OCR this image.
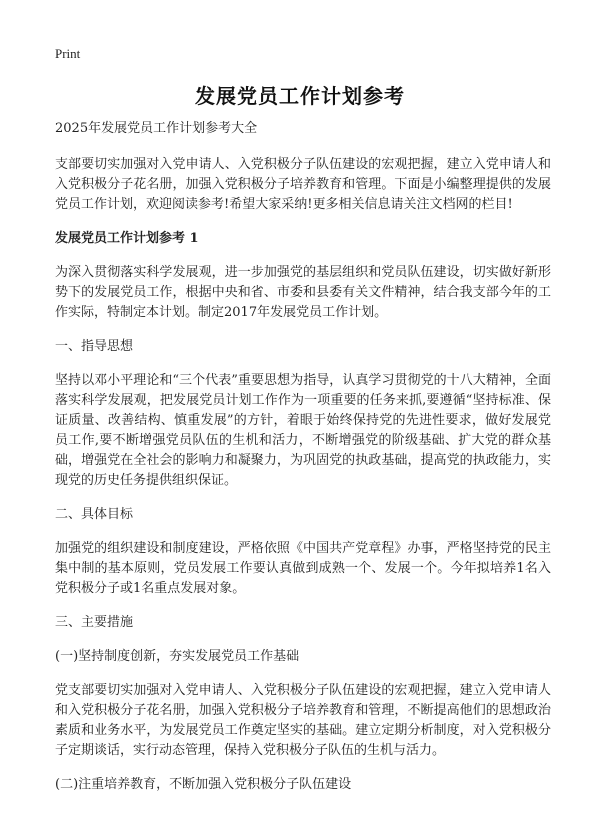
Print
发展党员工作计划参考

2025年发展党员工作计划参考大全

支部要切实加强对入党申请人、入党积极分子队伍建设的宏观把握，建立入党申请人和入党积极分子花名册，加强入党积极分子培养教育和管理。下面是小编整理提供的发展党员工作计划，欢迎阅读参考!希望大家采纳!更多相关信息请关注文档网的栏目!

发展党员工作计划参考 1

为深入贯彻落实科学发展观，进一步加强党的基层组织和党员队伍建设，切实做好新形势下的发展党员工作，根据中央和省、市委和县委有关文件精神，结合我支部今年的工作实际，特制定本计划。制定2017年发展党员工作计划。

一、指导思想

坚持以邓小平理论和“三个代表”重要思想为指导，认真学习贯彻党的十八大精神，全面落实科学发展观，把发展党员计划工作作为一项重要的任务来抓,要遵循“坚持标准、保证质量、改善结构、慎重发展”的方针，着眼于始终保持党的先进性要求，做好发展党员工作,要不断增强党员队伍的生机和活力，不断增强党的阶级基础、扩大党的群众基础，增强党在全社会的影响力和凝聚力，为巩固党的执政基础，提高党的执政能力，实现党的历史任务提供组织保证。

二、具体目标

加强党的组织建设和制度建设，严格依照《中国共产党章程》办事，严格坚持党的民主集中制的基本原则，党员发展工作要认真做到成熟一个、发展一个。今年拟培养1名入党积极分子或1名重点发展对象。

三、主要措施

(一)坚持制度创新，夯实发展党员工作基础

党支部要切实加强对入党申请人、入党积极分子队伍建设的宏观把握，建立入党申请人和入党积极分子花名册，加强入党积极分子培养教育和管理，不断提高他们的思想政治素质和业务水平，为发展党员工作奠定坚实的基础。建立定期分析制度，对入党积极分子定期谈话，实行动态管理，保持入党积极分子队伍的生机与活力。

(二)注重培养教育，不断加强入党积极分子队伍建设
